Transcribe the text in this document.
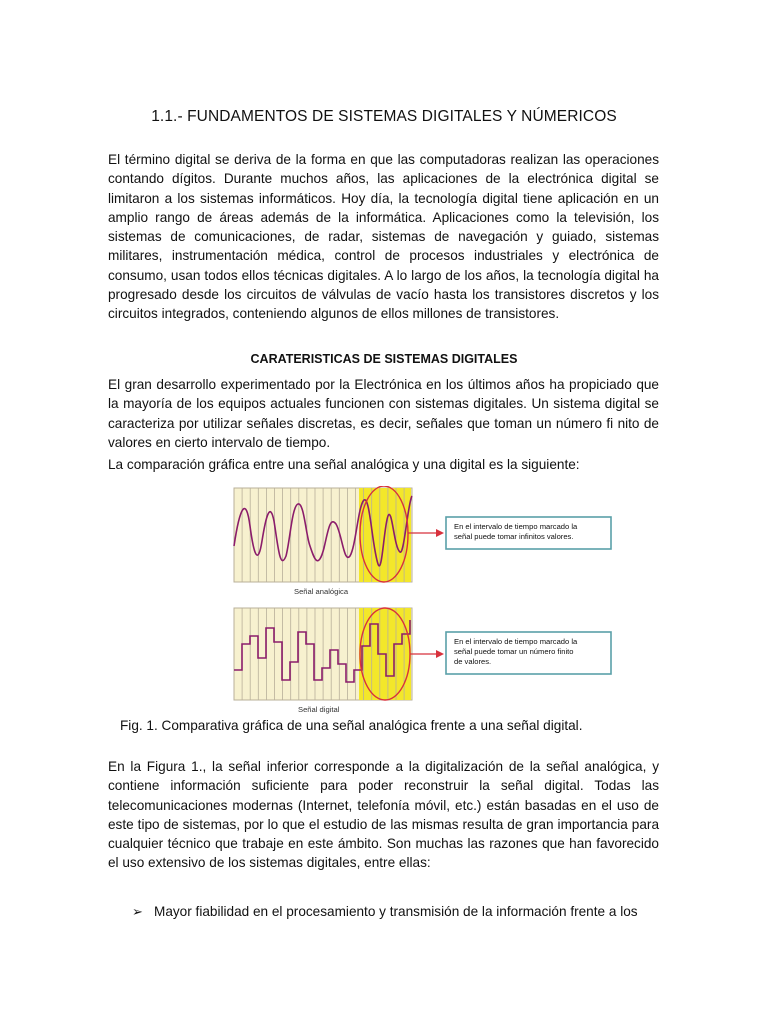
1.1.- FUNDAMENTOS DE SISTEMAS DIGITALES Y NÚMERICOS
El término digital se deriva de la forma en que las computadoras realizan las operaciones contando dígitos. Durante muchos años, las aplicaciones de la electrónica digital se limitaron a los sistemas informáticos. Hoy día, la tecnología digital tiene aplicación en un amplio rango de áreas además de la informática. Aplicaciones como la televisión, los sistemas de comunicaciones, de radar, sistemas de navegación y guiado, sistemas militares, instrumentación médica, control de procesos industriales y electrónica de consumo, usan todos ellos técnicas digitales. A lo largo de los años, la tecnología digital ha progresado desde los circuitos de válvulas de vacío hasta los transistores discretos y los circuitos integrados, conteniendo algunos de ellos millones de transistores.
CARATERISTICAS DE SISTEMAS DIGITALES
El gran desarrollo experimentado por la Electrónica en los últimos años ha propiciado que la mayoría de los equipos actuales funcionen con sistemas digitales. Un sistema digital se caracteriza por utilizar señales discretas, es decir, señales que toman un número fi nito de valores en cierto intervalo de tiempo.
La comparación gráfica entre una señal analógica y una digital es la siguiente:
En el intervalo de tiempo marcado la
señal puede tomar infinitos valores.
Señal analógica
En el intervalo de tiempo marcado la
señal puede tomar un número finito
de valores.
Señal digital
Fig. 1. Comparativa gráfica de una señal analógica frente a una señal digital.
En la Figura 1., la señal inferior corresponde a la digitalización de la señal analógica, y contiene información suficiente para poder reconstruir la señal digital. Todas las telecomunicaciones modernas (Internet, telefonía móvil, etc.) están basadas en el uso de este tipo de sistemas, por lo que el estudio de las mismas resulta de gran importancia para cualquier técnico que trabaje en este ámbito. Son muchas las razones que han favorecido el uso extensivo de los sistemas digitales, entre ellas:
➢ Mayor fiabilidad en el procesamiento y transmisión de la información frente a los
